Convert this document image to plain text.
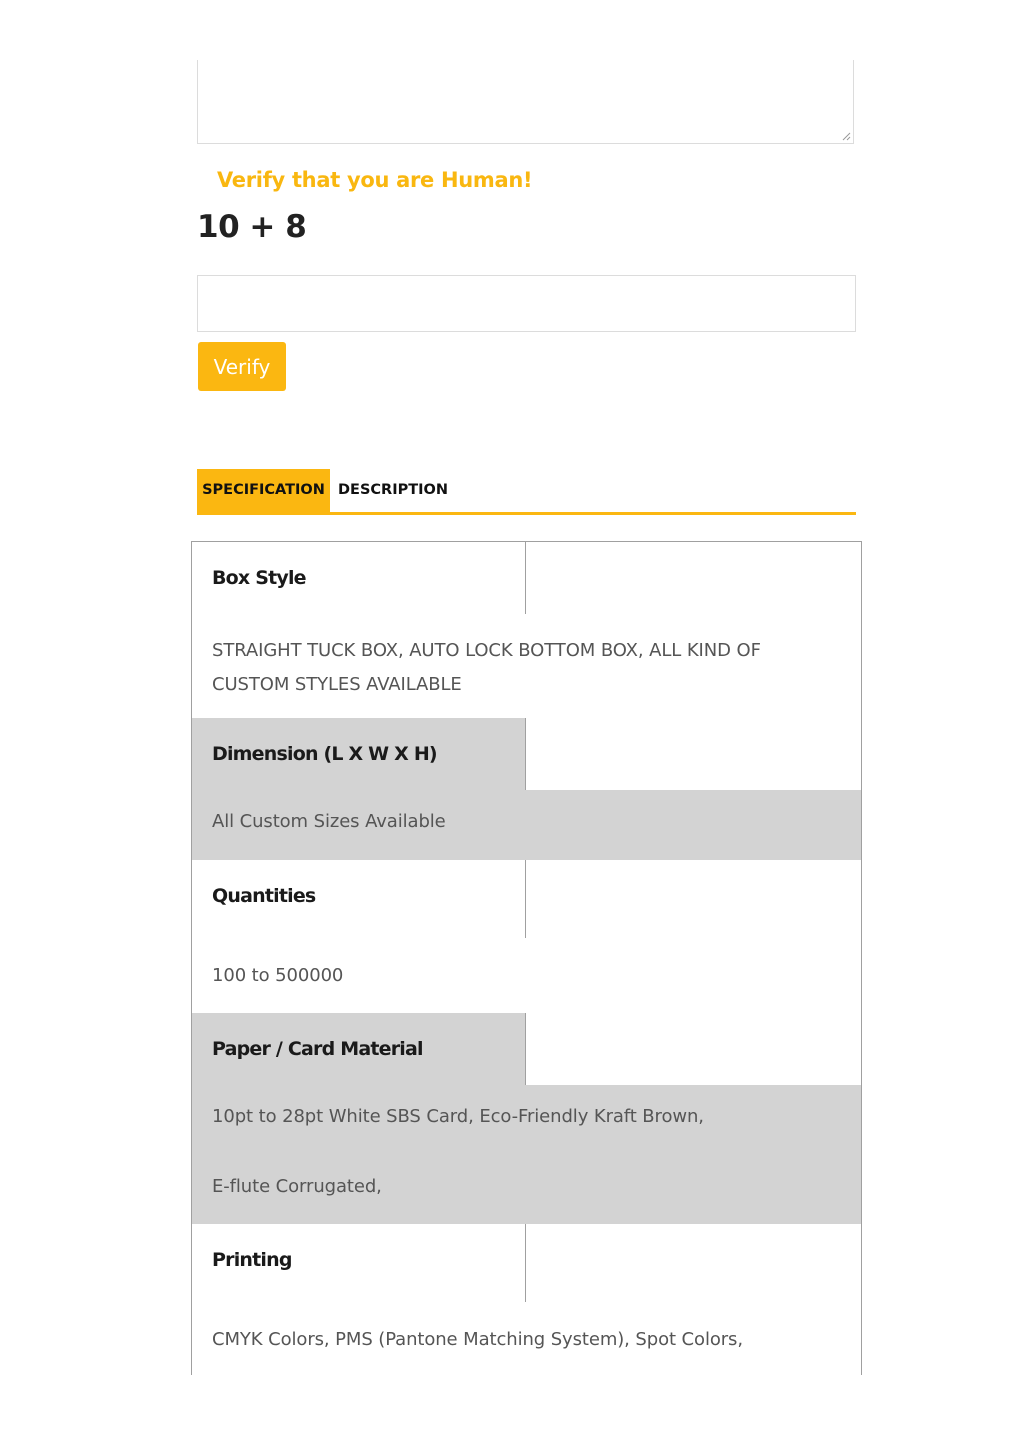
Verify that you are Human!
10 + 8
Verify
SPECIFICATION DESCRIPTION
Box Style
STRAIGHT TUCK BOX, AUTO LOCK BOTTOM BOX, ALL KIND OF
CUSTOM STYLES AVAILABLE
Dimension (L X W X H)
All Custom Sizes Available
Quantities
100 to 500000
Paper / Card Material
10pt to 28pt White SBS Card, Eco-Friendly Kraft Brown,
E-flute Corrugated,
Printing
CMYK Colors, PMS (Pantone Matching System), Spot Colors,
